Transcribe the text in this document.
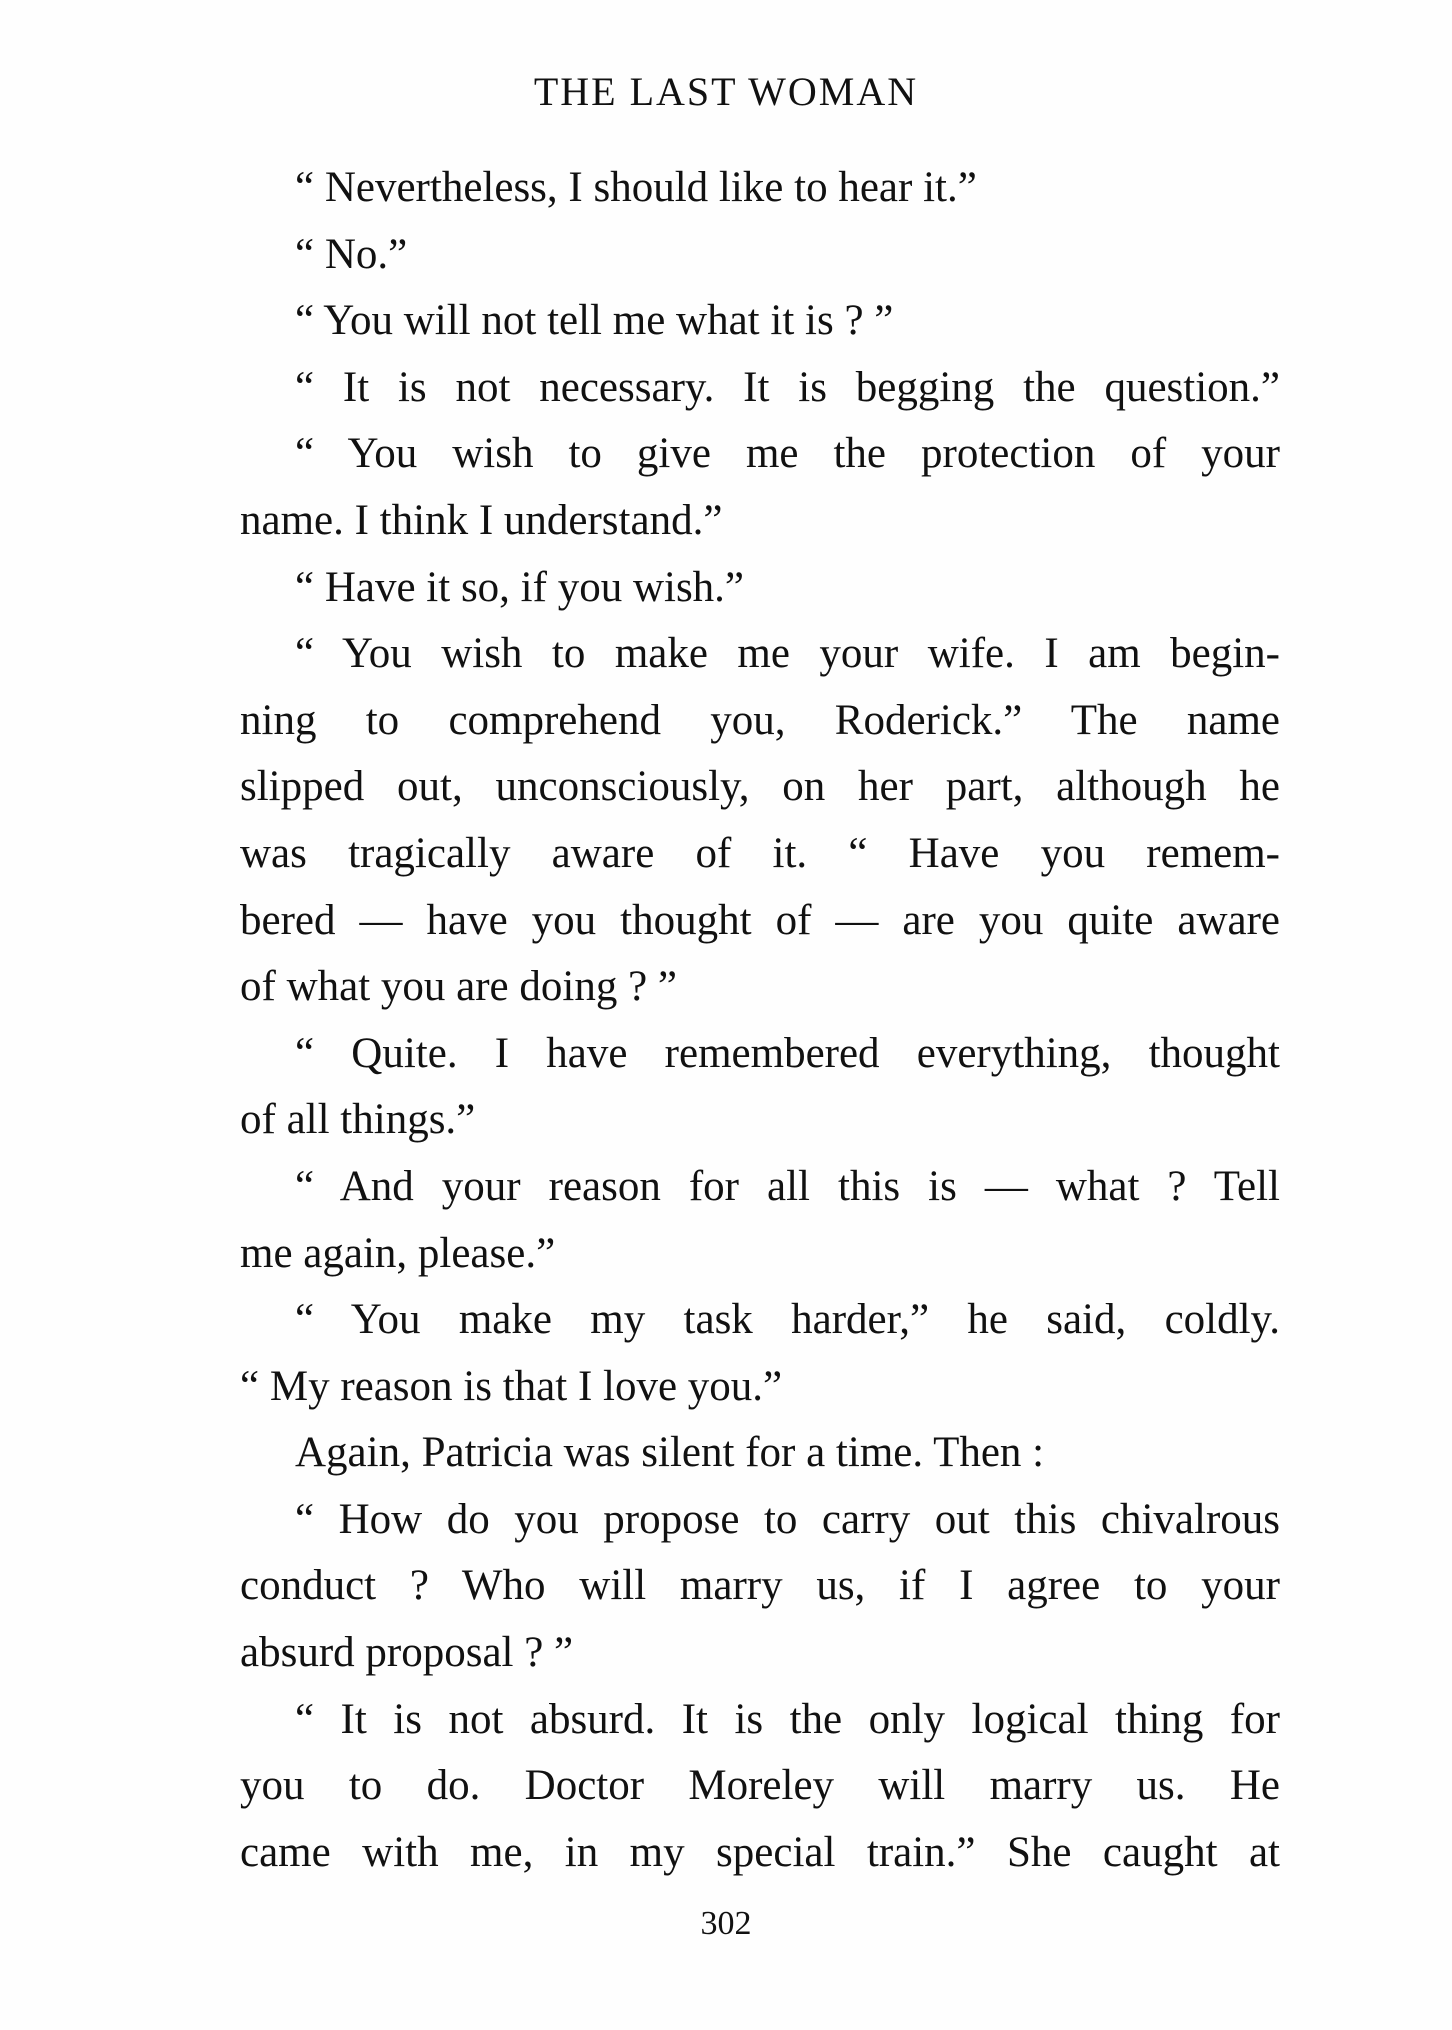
THE LAST WOMAN
“ Nevertheless, I should like to hear it.”
“ No.”
“ You will not tell me what it is ? ”
“ It is not necessary. It is begging the question.”
“ You wish to give me the protection of your
name. I think I understand.”
“ Have it so, if you wish.”
“ You wish to make me your wife. I am begin-
ning to comprehend you, Roderick.” The name
slipped out, unconsciously, on her part, although he
was tragically aware of it. “ Have you remem-
bered — have you thought of — are you quite aware
of what you are doing ? ”
“ Quite. I have remembered everything, thought
of all things.”
“ And your reason for all this is — what ? Tell
me again, please.”
“ You make my task harder,” he said, coldly.
“ My reason is that I love you.”
Again, Patricia was silent for a time. Then :
“ How do you propose to carry out this chivalrous
conduct ? Who will marry us, if I agree to your
absurd proposal ? ”
“ It is not absurd. It is the only logical thing for
you to do. Doctor Moreley will marry us. He
came with me, in my special train.” She caught at
302
